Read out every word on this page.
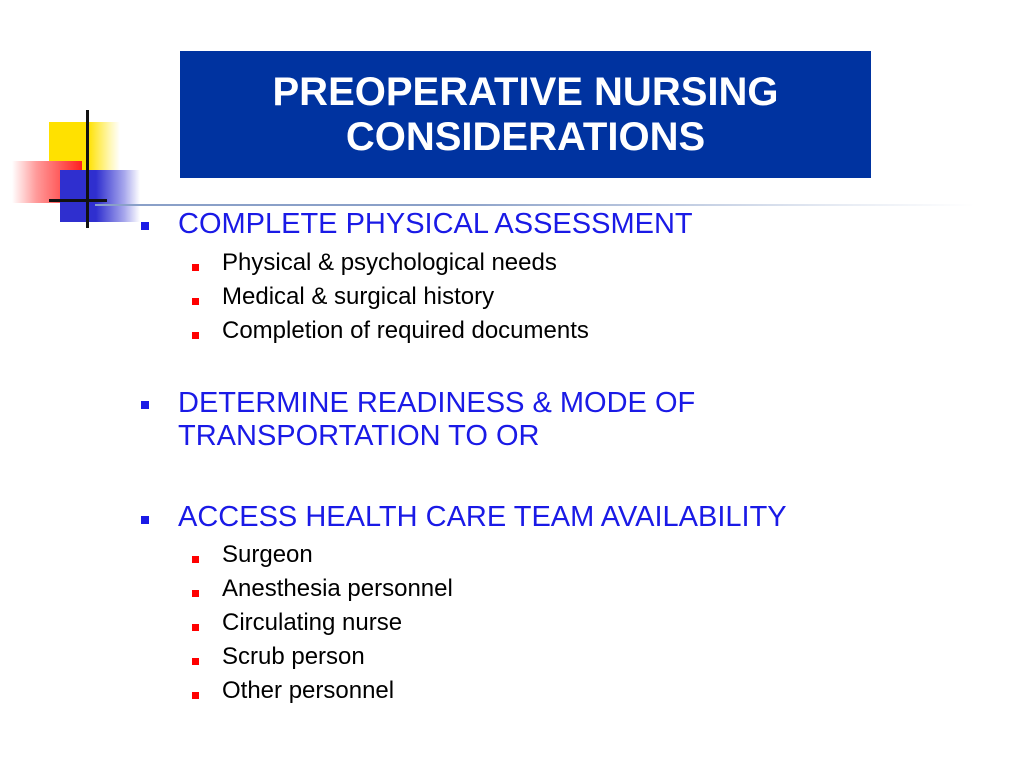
PREOPERATIVE NURSING
CONSIDERATIONS
COMPLETE PHYSICAL ASSESSMENT
Physical & psychological needs
Medical & surgical history
Completion of required documents
DETERMINE READINESS & MODE OF
TRANSPORTATION TO OR
ACCESS HEALTH CARE TEAM AVAILABILITY
Surgeon
Anesthesia personnel
Circulating nurse
Scrub person
Other personnel
